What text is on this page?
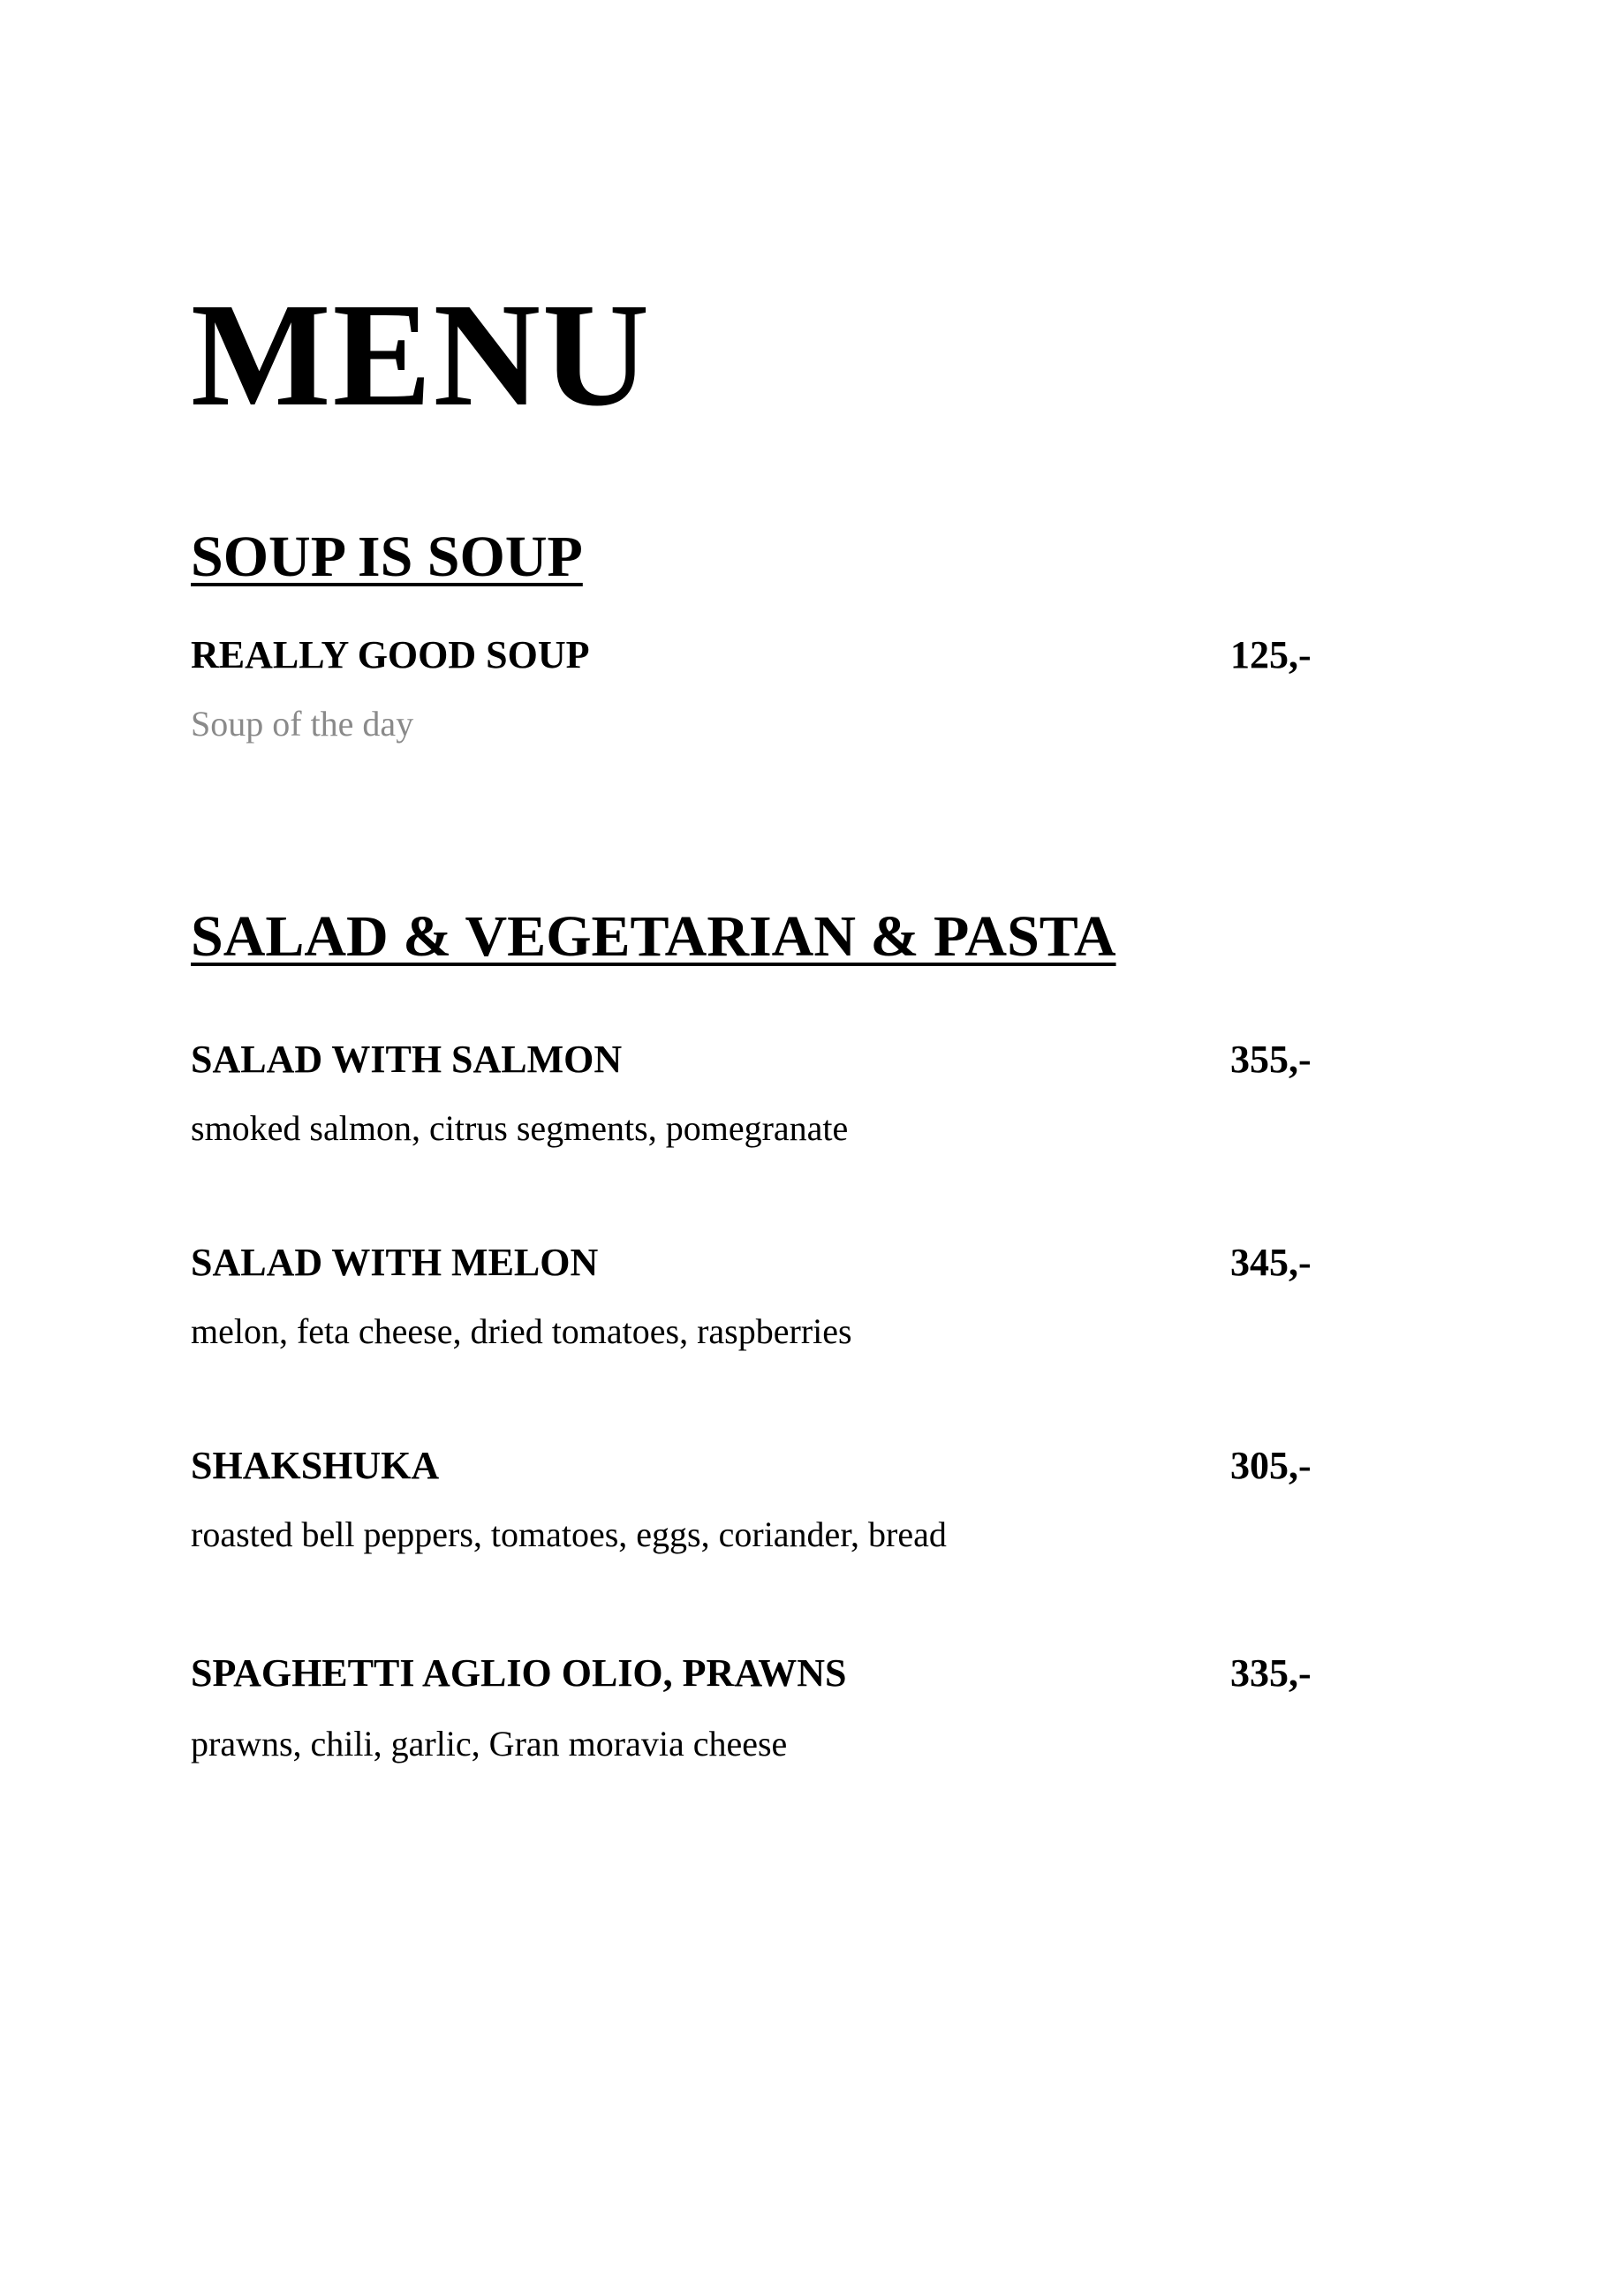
MENU
SOUP IS SOUP
REALLY GOOD SOUP	125,-
Soup of the day
SALAD & VEGETARIAN & PASTA
SALAD WITH SALMON	355,-
smoked salmon, citrus segments, pomegranate
SALAD WITH MELON	345,-
melon, feta cheese, dried tomatoes, raspberries
SHAKSHUKA	305,-
roasted bell peppers, tomatoes, eggs, coriander, bread
SPAGHETTI AGLIO OLIO, PRAWNS	335,-
prawns, chili, garlic, Gran moravia cheese
